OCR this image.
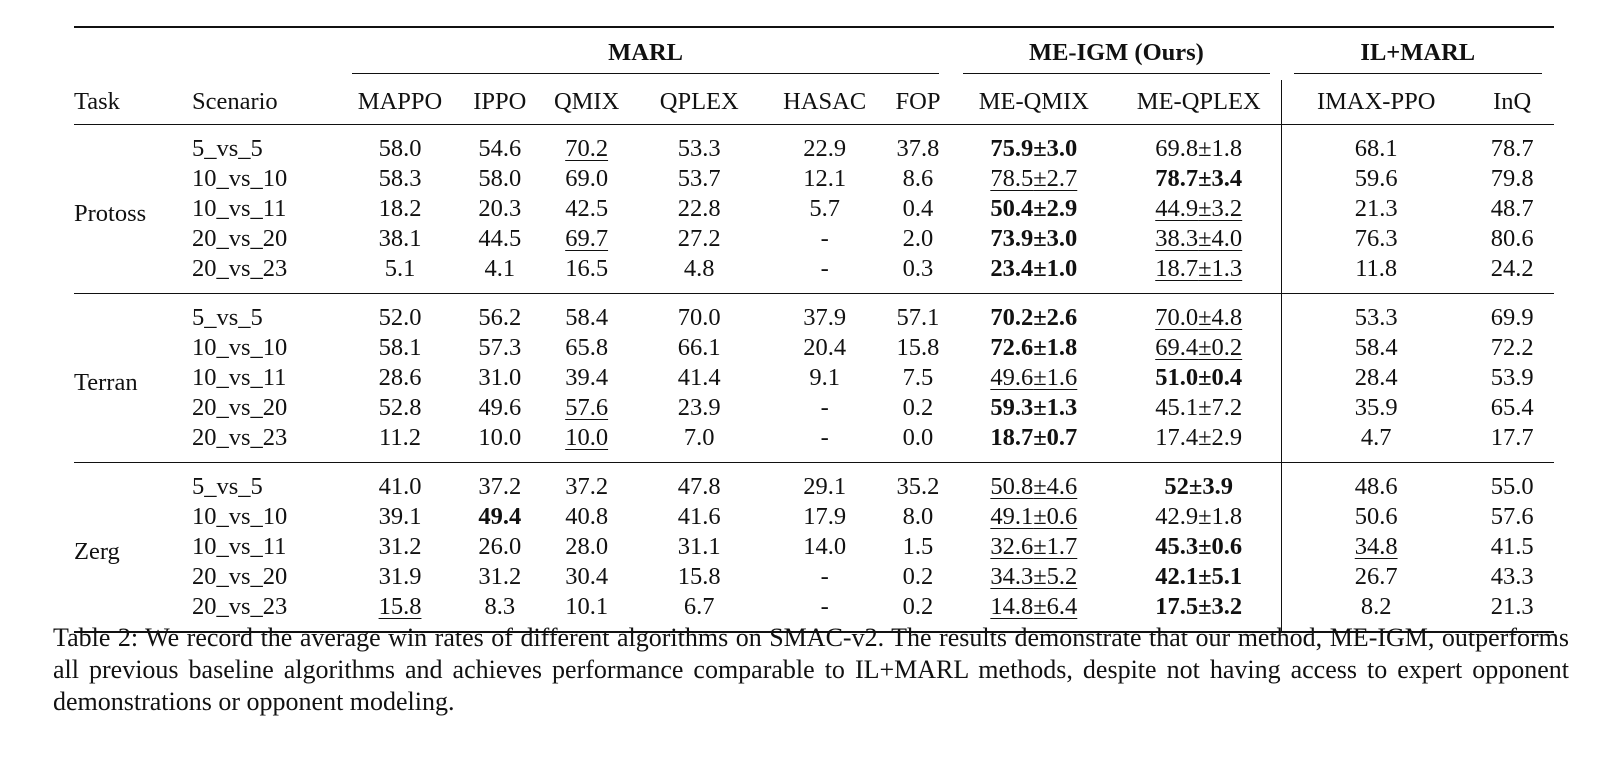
		MARL						ME-IGM (Ours)		IL+MARL	

Task	Scenario	MAPPO	IPPO	QMIX	QPLEX	HASAC	FOP	ME-QMIX	ME-QPLEX	IMAX-PPO	InQ
Protoss	5_vs_5	58.0	54.6	70.2	53.3	22.9	37.8	75.9±3.0	69.8±1.8	68.1	78.7
	10_vs_10	58.3	58.0	69.0	53.7	12.1	8.6	78.5±2.7	78.7±3.4	59.6	79.8
	10_vs_11	18.2	20.3	42.5	22.8	5.7	0.4	50.4±2.9	44.9±3.2	21.3	48.7
	20_vs_20	38.1	44.5	69.7	27.2	-	2.0	73.9±3.0	38.3±4.0	76.3	80.6
	20_vs_23	5.1	4.1	16.5	4.8	-	0.3	23.4±1.0	18.7±1.3	11.8	24.2
Terran	5_vs_5	52.0	56.2	58.4	70.0	37.9	57.1	70.2±2.6	70.0±4.8	53.3	69.9
	10_vs_10	58.1	57.3	65.8	66.1	20.4	15.8	72.6±1.8	69.4±0.2	58.4	72.2
	10_vs_11	28.6	31.0	39.4	41.4	9.1	7.5	49.6±1.6	51.0±0.4	28.4	53.9
	20_vs_20	52.8	49.6	57.6	23.9	-	0.2	59.3±1.3	45.1±7.2	35.9	65.4
	20_vs_23	11.2	10.0	10.0	7.0	-	0.0	18.7±0.7	17.4±2.9	4.7	17.7
Zerg	5_vs_5	41.0	37.2	37.2	47.8	29.1	35.2	50.8±4.6	52±3.9	48.6	55.0
	10_vs_10	39.1	49.4	40.8	41.6	17.9	8.0	49.1±0.6	42.9±1.8	50.6	57.6
	10_vs_11	31.2	26.0	28.0	31.1	14.0	1.5	32.6±1.7	45.3±0.6	34.8	41.5
	20_vs_20	31.9	31.2	30.4	15.8	-	0.2	34.3±5.2	42.1±5.1	26.7	43.3
	20_vs_23	15.8	8.3	10.1	6.7	-	0.2	14.8±6.4	17.5±3.2	8.2	21.3
Table 2: We record the average win rates of different algorithms on SMAC-v2. The results demonstrate that our method, ME-IGM, outperforms all previous baseline algorithms and achieves performance comparable to IL+MARL methods, despite not having access to expert opponent demonstrations or opponent modeling.
